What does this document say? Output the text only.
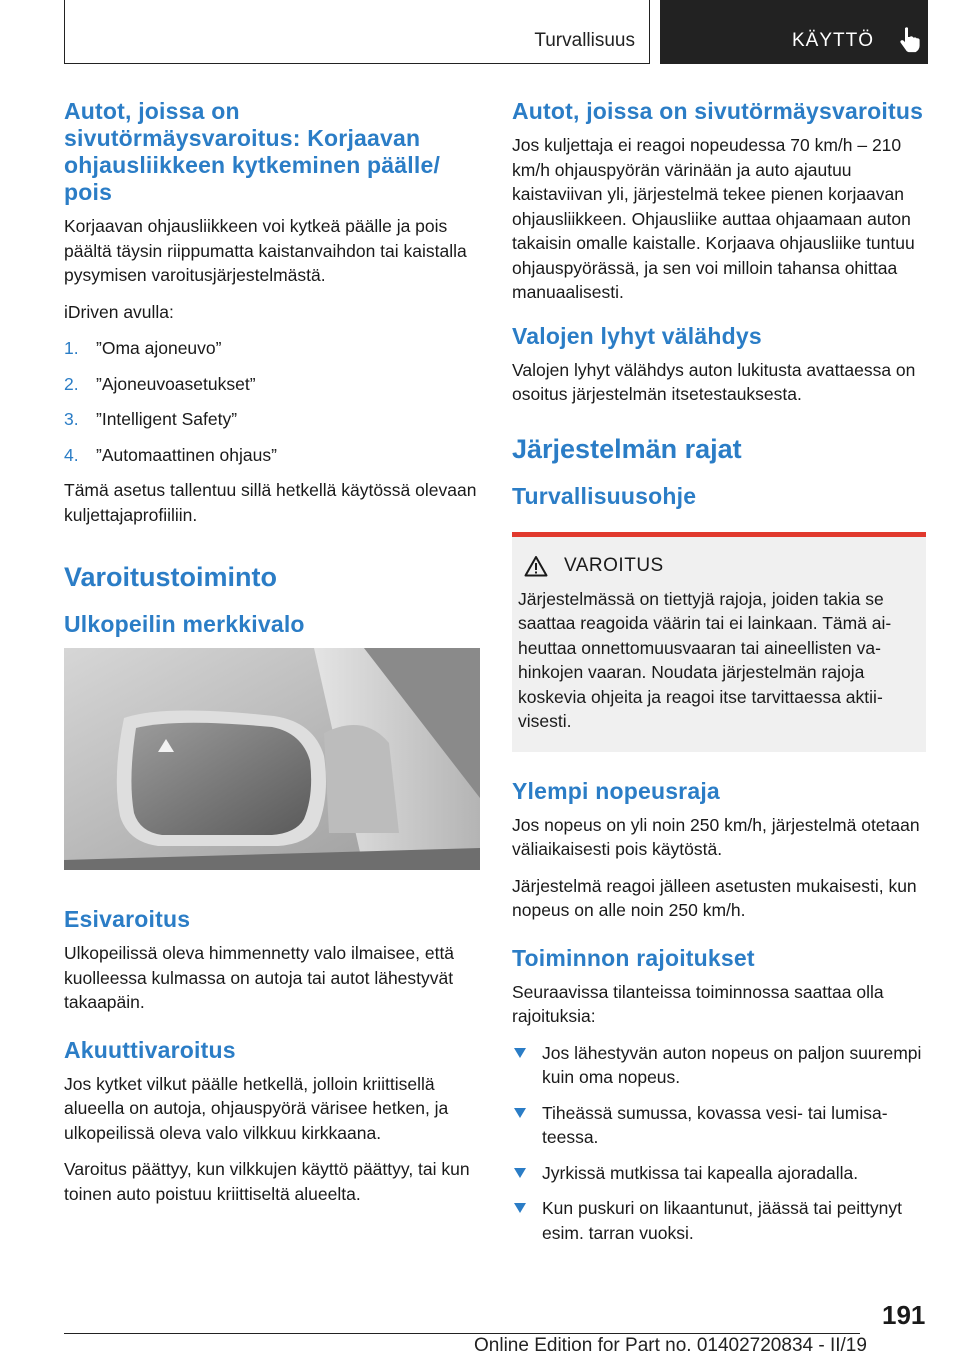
Turvallisuus	KÄYTTÖ
Autot, joissa on sivutörmäysvaroitus: Korjaavan ohjausliikkeen kytkeminen päälle/ pois

Korjaavan ohjausliikkeen voi kytkeä päälle ja pois päältä täysin riippumatta kaistanvaihdon tai kaistalla pysymisen varoitusjärjestelmästä.

iDriven avulla:

1. ”Oma ajoneuvo”
2. ”Ajoneuvoasetukset”
3. ”Intelligent Safety”
4. ”Automaattinen ohjaus”

Tämä asetus tallentuu sillä hetkellä käytössä olevaan kuljettajaprofiiliin.

Varoitustoiminto
Ulkopeilin merkkivalo
Esivaroitus

Ulkopeilissä oleva himmennetty valo ilmaisee, että kuolleessa kulmassa on autoja tai autot lähestyvät takaapäin.

Akuuttivaroitus

Jos kytket vilkut päälle hetkellä, jolloin kriittisellä alueella on autoja, ohjauspyörä värisee hetken, ja ulkopeilissä oleva valo vilkkuu kirkkaana.

Varoitus päättyy, kun vilkkujen käyttö päättyy, tai kun toinen auto poistuu kriittiseltä alueelta.

Autot, joissa on sivutörmäysvaroitus

Jos kuljettaja ei reagoi nopeudessa 70 km/h – 210 km/h ohjauspyörän värinään ja auto ajautuu kaistaviivan yli, järjestelmä tekee pienen korjaavan ohjausliikkeen. Ohjausliike auttaa ohjaamaan auton takaisin omalle kaistalle. Korjaava ohjausliike tuntuu ohjauspyörässä, ja sen voi milloin tahansa ohittaa manuaalisesti.

Valojen lyhyt välähdys

Valojen lyhyt välähdys auton lukitusta avattaessa on osoitus järjestelmän itsetestauksesta.

Järjestelmän rajat
Turvallisuusohje
VAROITUS

Järjestelmässä on tiettyjä rajoja, joiden takia se saattaa reagoida väärin tai ei lainkaan. Tämä aiheuttaa onnettomuusvaaran tai aineellisten vahinkojen vaaran. Noudata järjestelmän rajoja koskevia ohjeita ja reagoi itse tarvittaessa aktiivisesti.

Ylempi nopeusraja

Jos nopeus on yli noin 250 km/h, järjestelmä otetaan väliaikaisesti pois käytöstä.

Järjestelmä reagoi jälleen asetusten mukaisesti, kun nopeus on alle noin 250 km/h.

Toiminnon rajoitukset

Seuraavissa tilanteissa toiminnossa saattaa olla rajoituksia:

Jos lähestyvän auton nopeus on paljon suurempi kuin oma nopeus.
Tiheässä sumussa, kovassa vesi- tai lumisateessa.
Jyrkissä mutkissa tai kapealla ajoradalla.
Kun puskuri on likaantunut, jäässä tai peittynyt esim. tarran vuoksi.
191
Online Edition for Part no. 01402720834 - II/19
